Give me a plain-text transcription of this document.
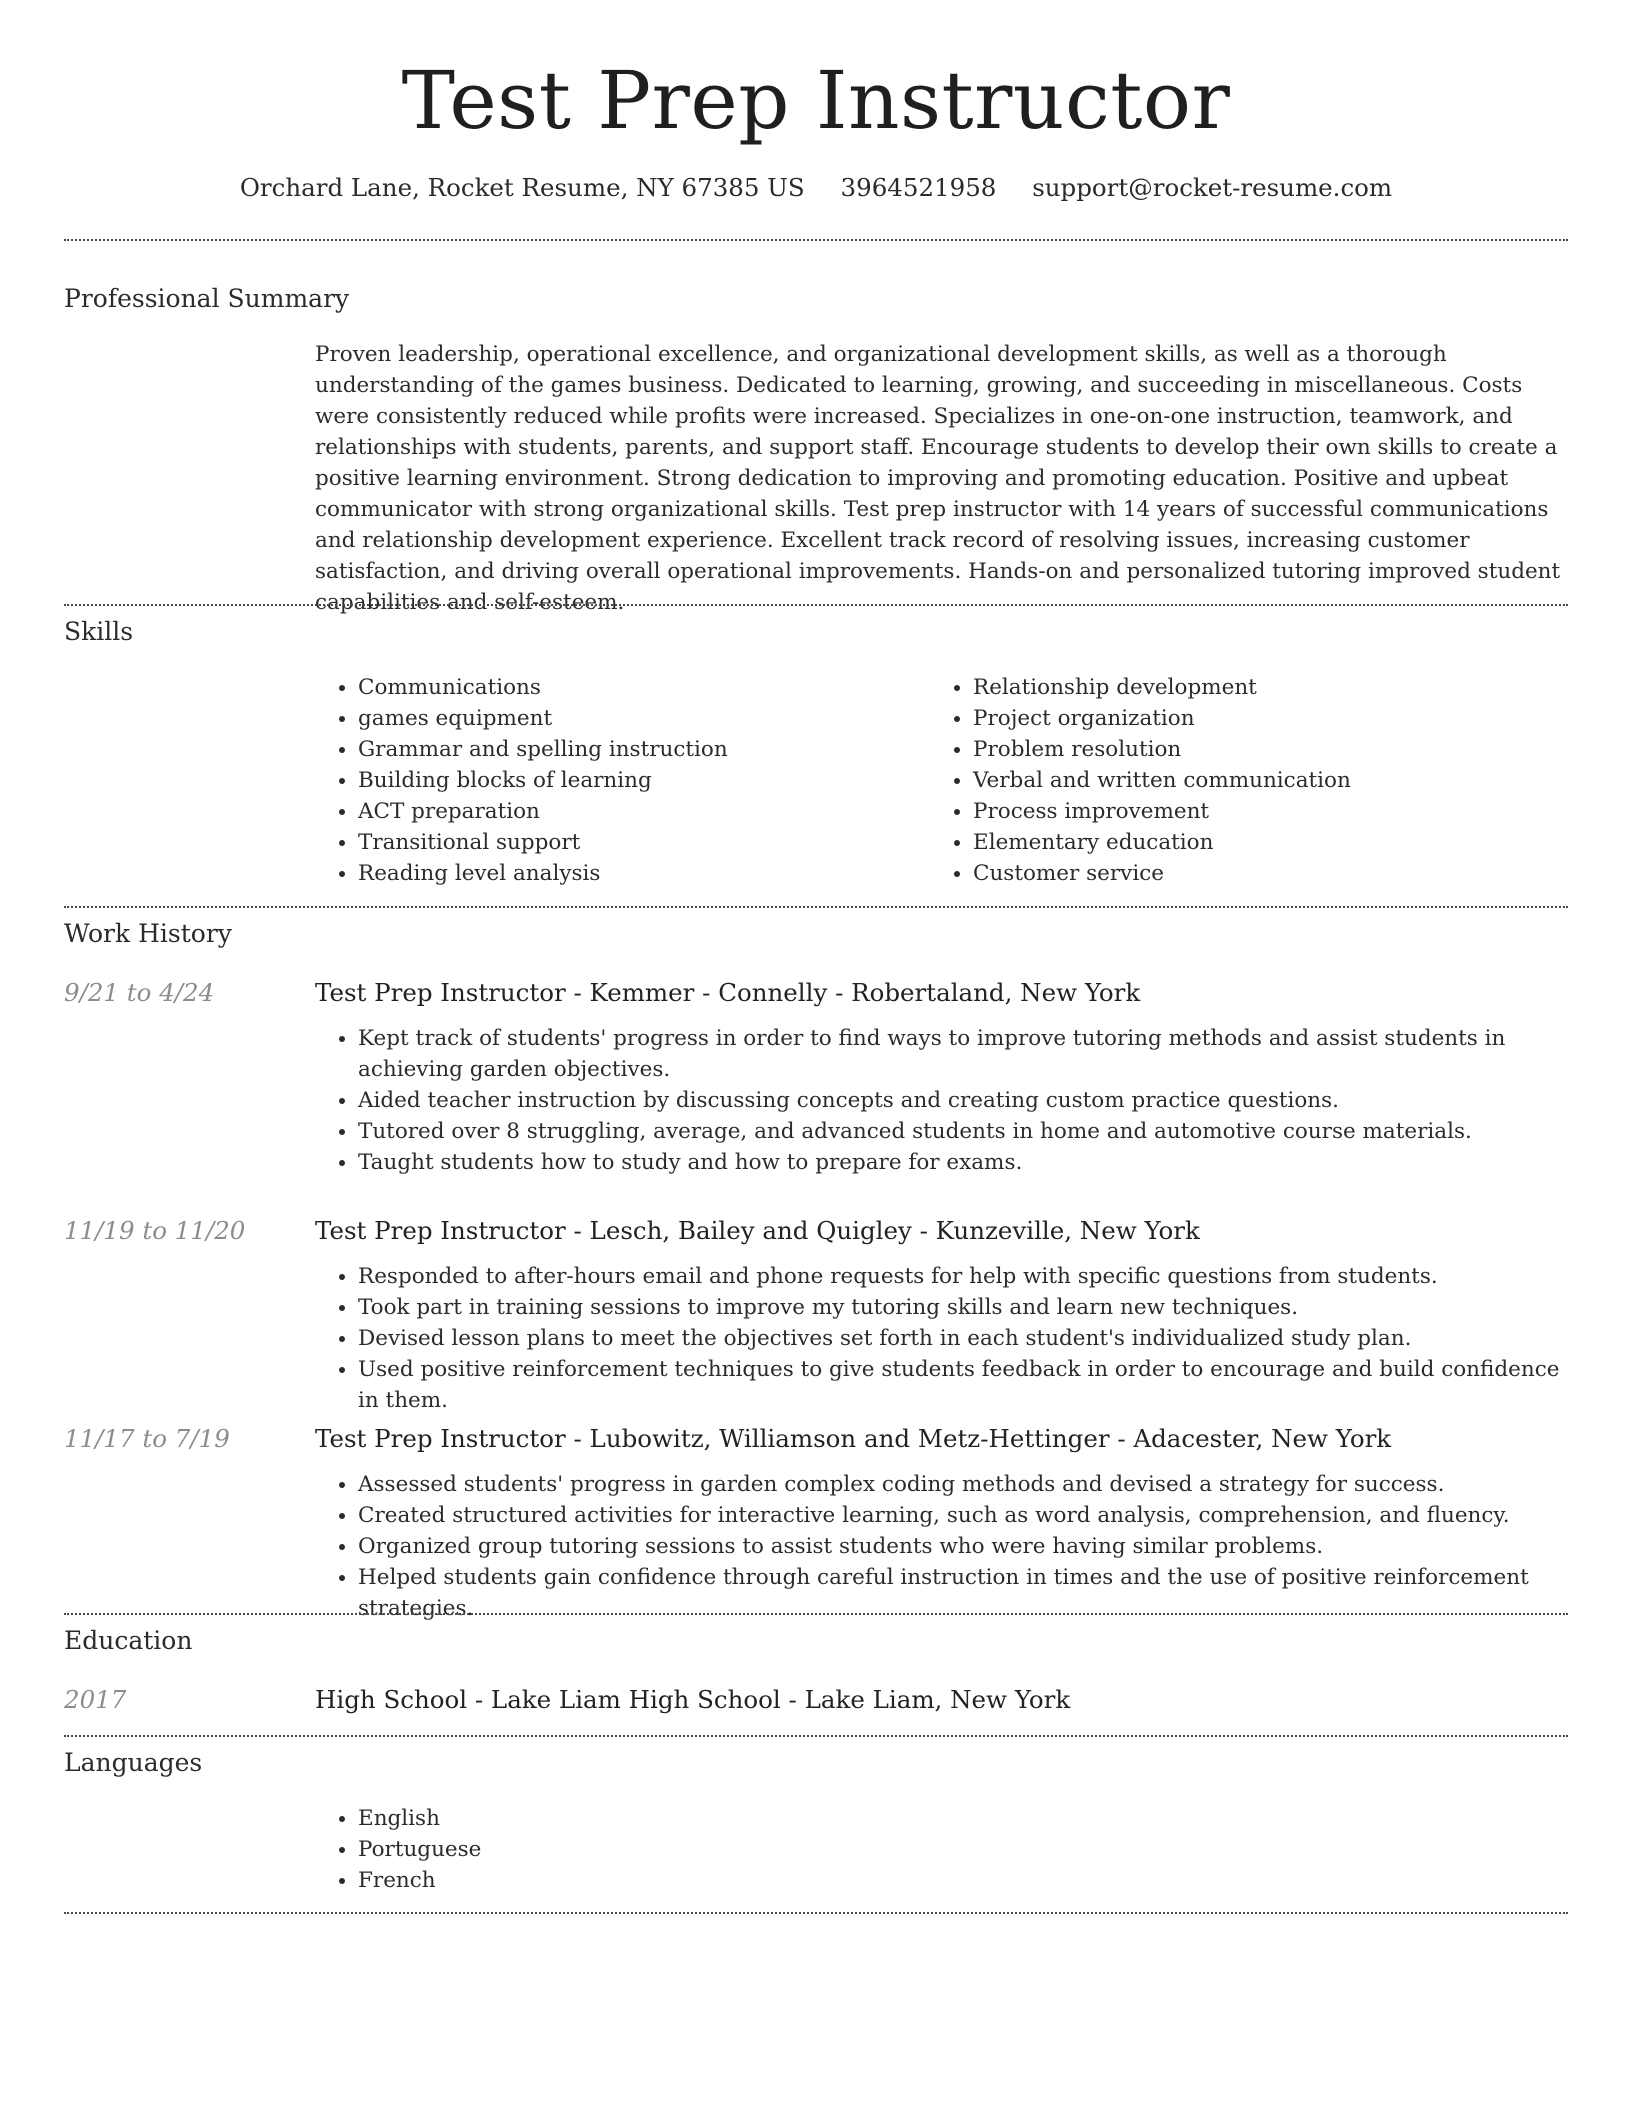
Test Prep Instructor
Orchard Lane, Rocket Resume, NY 67385 US 3964521958 support@rocket-resume.com
Professional Summary

Proven leadership, operational excellence, and organizational development skills, as well as a thorough understanding of the games business. Dedicated to learning, growing, and succeeding in miscellaneous. Costs were consistently reduced while profits were increased. Specializes in one-on-one instruction, teamwork, and relationships with students, parents, and support staff. Encourage students to develop their own skills to create a positive learning environment. Strong dedication to improving and promoting education. Positive and upbeat communicator with strong organizational skills. Test prep instructor with 14 years of successful communications and relationship development experience. Excellent track record of resolving issues, increasing customer satisfaction, and driving overall operational improvements. Hands-on and personalized tutoring improved student capabilities and self-esteem.

Skills
• Communications
• games equipment
• Grammar and spelling instruction
• Building blocks of learning
• ACT preparation
• Transitional support
• Reading level analysis
• Relationship development
• Project organization
• Problem resolution
• Verbal and written communication
• Process improvement
• Elementary education
• Customer service
Work History
9/21 to 4/24	Test Prep Instructor - Kemmer - Connelly - Robertaland, New York

• Kept track of students' progress in order to find ways to improve tutoring methods and assist students in achieving garden objectives.
• Aided teacher instruction by discussing concepts and creating custom practice questions.
• Tutored over 8 struggling, average, and advanced students in home and automotive course materials.
• Taught students how to study and how to prepare for exams.
11/19 to 11/20	Test Prep Instructor - Lesch, Bailey and Quigley - Kunzeville, New York

• Responded to after-hours email and phone requests for help with specific questions from students.
• Took part in training sessions to improve my tutoring skills and learn new techniques.
• Devised lesson plans to meet the objectives set forth in each student's individualized study plan.
• Used positive reinforcement techniques to give students feedback in order to encourage and build confidence in them.
11/17 to 7/19	Test Prep Instructor - Lubowitz, Williamson and Metz-Hettinger - Adacester, New York

• Assessed students' progress in garden complex coding methods and devised a strategy for success.
• Created structured activities for interactive learning, such as word analysis, comprehension, and fluency.
• Organized group tutoring sessions to assist students who were having similar problems.
• Helped students gain confidence through careful instruction in times and the use of positive reinforcement strategies.
Education
2017	High School - Lake Liam High School - Lake Liam, New York

Languages
• English
• Portuguese
• French
